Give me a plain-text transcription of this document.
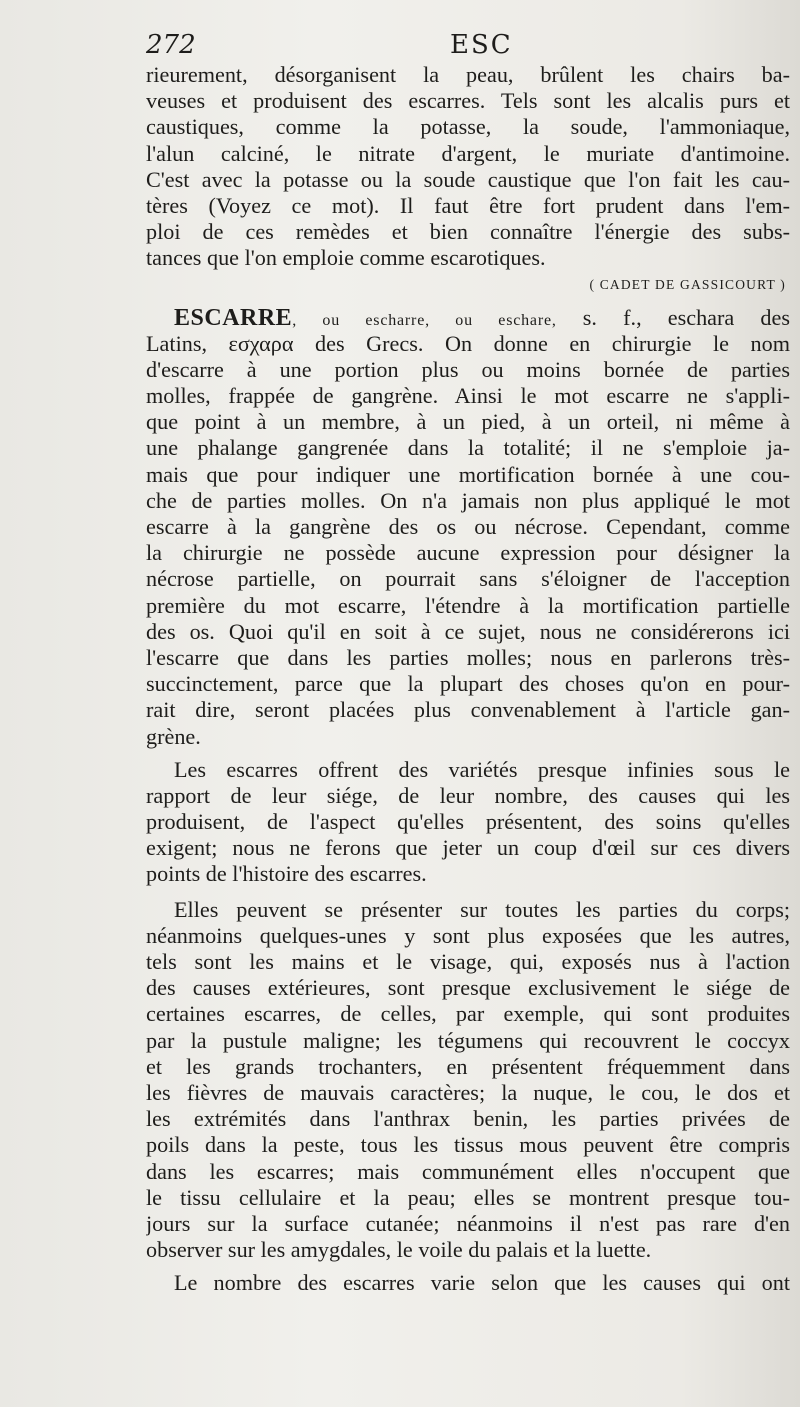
272	ESC
rieurement, désorganisent la peau, brûlent les chairs ba-
veuses et produisent des escarres. Tels sont les alcalis purs et
caustiques, comme la potasse, la soude, l'ammoniaque,
l'alun calciné, le nitrate d'argent, le muriate d'antimoine.
C'est avec la potasse ou la soude caustique que l'on fait les cau-
tères (Voyez ce mot). Il faut être fort prudent dans l'em-
ploi de ces remèdes et bien connaître l'énergie des subs-
tances que l'on emploie comme escarotiques.
( CADET DE GASSICOURT )
ESCARRE, ou escharre, ou eschare, s. f., eschara des
Latins, εσχαρα des Grecs. On donne en chirurgie le nom
d'escarre à une portion plus ou moins bornée de parties
molles, frappée de gangrène. Ainsi le mot escarre ne s'appli-
que point à un membre, à un pied, à un orteil, ni même à
une phalange gangrenée dans la totalité; il ne s'emploie ja-
mais que pour indiquer une mortification bornée à une cou-
che de parties molles. On n'a jamais non plus appliqué le mot
escarre à la gangrène des os ou nécrose. Cependant, comme
la chirurgie ne possède aucune expression pour désigner la
nécrose partielle, on pourrait sans s'éloigner de l'acception
première du mot escarre, l'étendre à la mortification partielle
des os. Quoi qu'il en soit à ce sujet, nous ne considérerons ici
l'escarre que dans les parties molles; nous en parlerons très-
succinctement, parce que la plupart des choses qu'on en pour-
rait dire, seront placées plus convenablement à l'article gan-
grène.
Les escarres offrent des variétés presque infinies sous le
rapport de leur siége, de leur nombre, des causes qui les
produisent, de l'aspect qu'elles présentent, des soins qu'elles
exigent; nous ne ferons que jeter un coup d'œil sur ces divers
points de l'histoire des escarres.
Elles peuvent se présenter sur toutes les parties du corps;
néanmoins quelques-unes y sont plus exposées que les autres,
tels sont les mains et le visage, qui, exposés nus à l'action
des causes extérieures, sont presque exclusivement le siége de
certaines escarres, de celles, par exemple, qui sont produites
par la pustule maligne; les tégumens qui recouvrent le coccyx
et les grands trochanters, en présentent fréquemment dans
les fièvres de mauvais caractères; la nuque, le cou, le dos et
les extrémités dans l'anthrax benin, les parties privées de
poils dans la peste, tous les tissus mous peuvent être compris
dans les escarres; mais communément elles n'occupent que
le tissu cellulaire et la peau; elles se montrent presque tou-
jours sur la surface cutanée; néanmoins il n'est pas rare d'en
observer sur les amygdales, le voile du palais et la luette.
Le nombre des escarres varie selon que les causes qui ont
